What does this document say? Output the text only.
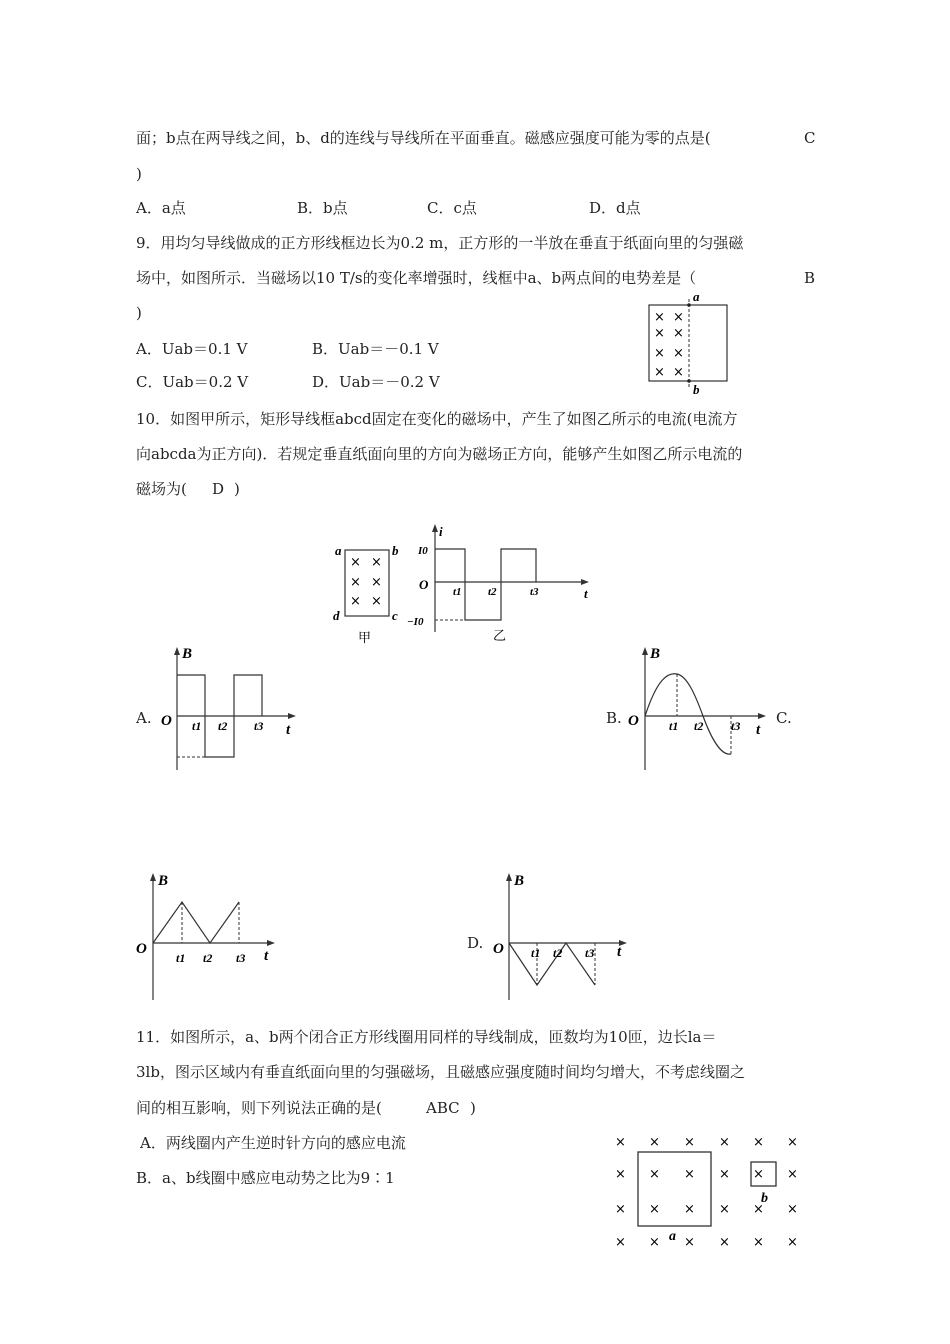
面；b点在两导线之间，b、d的连线与导线所在平面垂直。磁感应强度可能为零的点是(	C
)
A．a点	B．b点	C．c点	D．d点
9．用均匀导线做成的正方形线框边长为0.2 m，正方形的一半放在垂直于纸面向里的匀强磁
场中，如图所示．当磁场以10 T/s的变化率增强时，线框中a、b两点间的电势差是（	B
)
A．Uab＝0.1 V	B．Uab＝－0.1 V
C．Uab＝0.2 V	D．Uab＝－0.2 V
a
b
× ×
× ×
× ×
× ×
10．如图甲所示，矩形导线框abcd固定在变化的磁场中，产生了如图乙所示的电流(电流方
向abcda为正方向)．若规定垂直纸面向里的方向为磁场正方向，能够产生如图乙所示电流的
磁场为( D )
a	b
c
d
× ×
× ×
× ×
甲
i
t
O
I0
−I0
t1 t2	t3
乙
A.
B
t
O t1 t2 t3	B.	C.
B
t
O	t1 t2 t3
B
t
O
t1 t2 t3
D.
B
t
O t1 t2 t3
11．如图所示，a、b两个闭合正方形线圈用同样的导线制成，匝数均为10匝，边长la＝
3lb，图示区域内有垂直纸面向里的匀强磁场，且磁感应强度随时间均匀增大，不考虑线圈之
间的相互影响，则下列说法正确的是(	ABC )
A．两线圈内产生逆时针方向的感应电流
B．a、b线圈中感应电动势之比为9∶1
× × × × × ×
× × × × × ×
× × × × × ×
× × × × × ×
a
b
